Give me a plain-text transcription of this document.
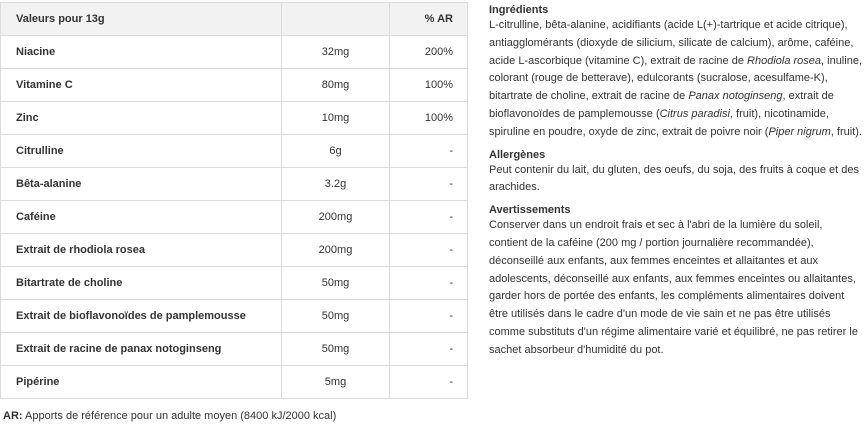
Valeurs pour 13g		% AR
Niacine	32mg	200%
Vitamine C	80mg	100%
Zinc	10mg	100%
Citrulline	6g	-
Bêta-alanine	3.2g	-
Caféine	200mg	-
Extrait de rhodiola rosea	200mg	-
Bitartrate de choline	50mg	-
Extrait de bioflavonoïdes de pamplemousse	50mg	-
Extrait de racine de panax notoginseng	50mg	-
Pipérine	5mg	-
AR: Apports de référence pour un adulte moyen (8400 kJ/2000 kcal)
Ingrédients

L-citrulline, bêta-alanine, acidifiants (acide L(+)-tartrique et acide citrique), antiagglomérants (dioxyde de silicium, silicate de calcium), arôme, caféine, acide L-ascorbique (vitamine C), extrait de racine de Rhodiola rosea, inuline, colorant (rouge de betterave), edulcorants (sucralose, acesulfame-K), bitartrate de choline, extrait de racine de Panax notoginseng, extrait de bioflavonoïdes de pamplemousse (Citrus paradisi, fruit), nicotinamide, spiruline en poudre, oxyde de zinc, extrait de poivre noir (Piper nigrum, fruit).

Allergènes

Peut contenir du lait, du gluten, des oeufs, du soja, des fruits à coque et des arachides.

Avertissements

Conserver dans un endroit frais et sec à l'abri de la lumière du soleil, contient de la caféine (200 mg / portion journalière recommandée), déconseillé aux enfants, aux femmes enceintes et allaitantes et aux adolescents, déconseillé aux enfants, aux femmes enceintes ou allaitantes, garder hors de portée des enfants, les compléments alimentaires doivent être utilisés dans le cadre d'un mode de vie sain et ne pas être utilisés comme substituts d'un régime alimentaire varié et équilibré, ne pas retirer le sachet absorbeur d'humidité du pot.
